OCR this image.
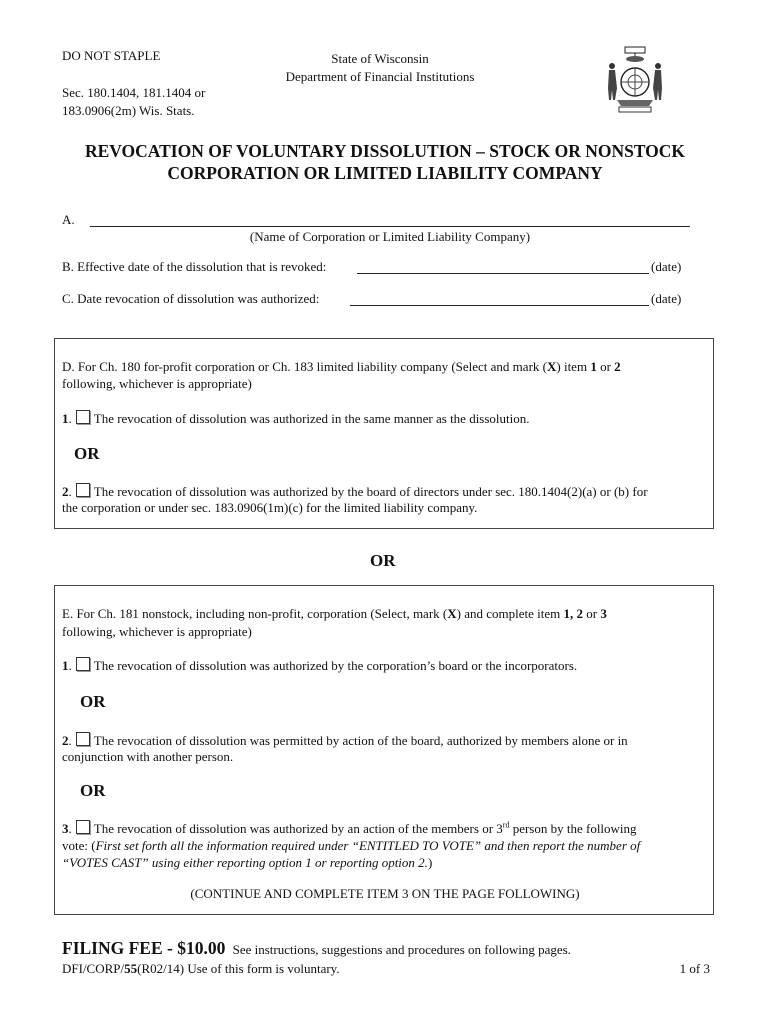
DO NOT STAPLE
Sec. 180.1404, 181.1404 or
183.0906(2m) Wis. Stats.
State of Wisconsin
Department of Financial Institutions
REVOCATION OF VOLUNTARY DISSOLUTION – STOCK OR NONSTOCK
CORPORATION OR LIMITED LIABILITY COMPANY
A.
(Name of Corporation or Limited Liability Company)
B. Effective date of the dissolution that is revoked:	(date)
C. Date revocation of dissolution was authorized:	(date)
D. For Ch. 180 for-profit corporation or Ch. 183 limited liability company (Select and mark (X) item 1 or 2
following, whichever is appropriate)
1. The revocation of dissolution was authorized in the same manner as the dissolution.
OR
2. The revocation of dissolution was authorized by the board of directors under sec. 180.1404(2)(a) or (b) for
the corporation or under sec. 183.0906(1m)(c) for the limited liability company.
OR
E. For Ch. 181 nonstock, including non-profit, corporation (Select, mark (X) and complete item 1, 2 or 3
following, whichever is appropriate)
1. The revocation of dissolution was authorized by the corporation’s board or the incorporators.
OR
2. The revocation of dissolution was permitted by action of the board, authorized by members alone or in
conjunction with another person.
OR
3. The revocation of dissolution was authorized by an action of the members or 3rd person by the following
vote: (First set forth all the information required under “ENTITLED TO VOTE” and then report the number of
“VOTES CAST” using either reporting option 1 or reporting option 2.)
(CONTINUE AND COMPLETE ITEM 3 ON THE PAGE FOLLOWING)
FILING FEE - $10.00 See instructions, suggestions and procedures on following pages.
DFI/CORP/55(R02/14) Use of this form is voluntary.	1 of 3
